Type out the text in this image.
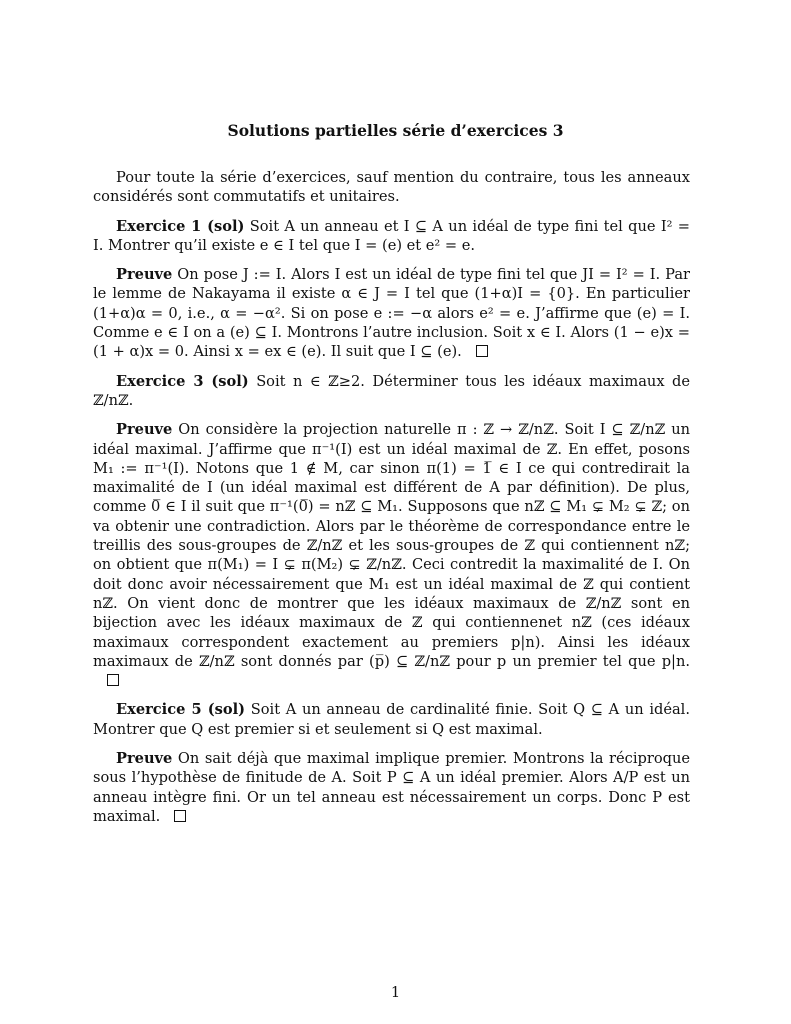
Solutions partielles série d’exercices 3

Pour toute la série d’exercices, sauf mention du contraire, tous les anneaux considérés sont commutatifs et unitaires.

Exercice 1 (sol) Soit A un anneau et I ⊆ A un idéal de type fini tel que I² = I. Montrer qu’il existe e ∈ I tel que I = (e) et e² = e.

Preuve On pose J := I. Alors I est un idéal de type fini tel que JI = I² = I. Par le lemme de Nakayama il existe α ∈ J = I tel que (1+α)I = {0}. En particulier (1+α)α = 0, i.e., α = −α². Si on pose e := −α alors e² = e. J’affirme que (e) = I. Comme e ∈ I on a (e) ⊆ I. Montrons l’autre inclusion. Soit x ∈ I. Alors (1 − e)x = (1 + α)x = 0. Ainsi x = ex ∈ (e). Il suit que I ⊆ (e).

Exercice 3 (sol) Soit n ∈ ℤ≥2. Déterminer tous les idéaux maximaux de ℤ/nℤ.

Preuve On considère la projection naturelle π : ℤ → ℤ/nℤ. Soit I ⊆ ℤ/nℤ un idéal maximal. J’affirme que π⁻¹(I) est un idéal maximal de ℤ. En effet, posons M₁ := π⁻¹(I). Notons que 1 ∉ M, car sinon π(1) = 1̅ ∈ I ce qui contredirait la maximalité de I (un idéal maximal est différent de A par définition). De plus, comme 0̅ ∈ I il suit que π⁻¹(0̅) = nℤ ⊆ M₁. Supposons que nℤ ⊆ M₁ ⊊ M₂ ⊊ ℤ; on va obtenir une contradiction. Alors par le théorème de correspondance entre le treillis des sous-groupes de ℤ/nℤ et les sous-groupes de ℤ qui contiennent nℤ; on obtient que π(M₁) = I ⊊ π(M₂) ⊊ ℤ/nℤ. Ceci contredit la maximalité de I. On doit donc avoir nécessairement que M₁ est un idéal maximal de ℤ qui contient nℤ. On vient donc de montrer que les idéaux maximaux de ℤ/nℤ sont en bijection avec les idéaux maximaux de ℤ qui contiennenet nℤ (ces idéaux maximaux correspondent exactement au premiers p|n). Ainsi les idéaux maximaux de ℤ/nℤ sont donnés par (p̅) ⊆ ℤ/nℤ pour p un premier tel que p|n.

Exercice 5 (sol) Soit A un anneau de cardinalité finie. Soit Q ⊆ A un idéal. Montrer que Q est premier si et seulement si Q est maximal.

Preuve On sait déjà que maximal implique premier. Montrons la réciproque sous l’hypothèse de finitude de A. Soit P ⊆ A un idéal premier. Alors A/P est un anneau intègre fini. Or un tel anneau est nécessairement un corps. Donc P est maximal.

1
